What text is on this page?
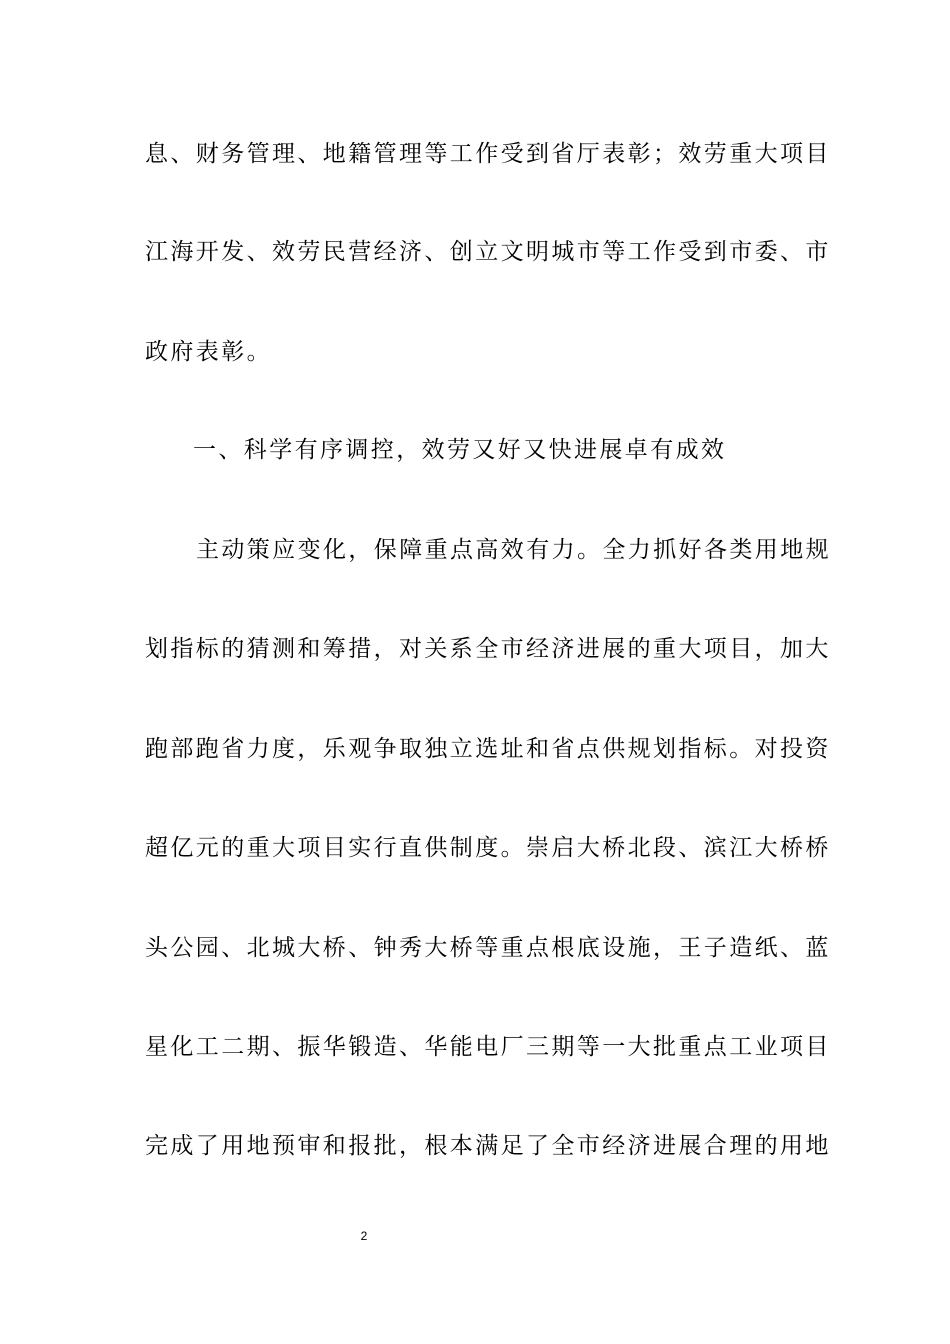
息、财务管理、地籍管理等工作受到省厅表彰；效劳重大项目
江海开发、效劳民营经济、创立文明城市等工作受到市委、市
政府表彰。
一、科学有序调控，效劳又好又快进展卓有成效
主动策应变化，保障重点高效有力。全力抓好各类用地规
划指标的猜测和筹措，对关系全市经济进展的重大项目，加大
跑部跑省力度，乐观争取独立选址和省点供规划指标。对投资
超亿元的重大项目实行直供制度。崇启大桥北段、滨江大桥桥
头公园、北城大桥、钟秀大桥等重点根底设施，王子造纸、蓝
星化工二期、振华锻造、华能电厂三期等一大批重点工业项目
完成了用地预审和报批，根本满足了全市经济进展合理的用地
2
